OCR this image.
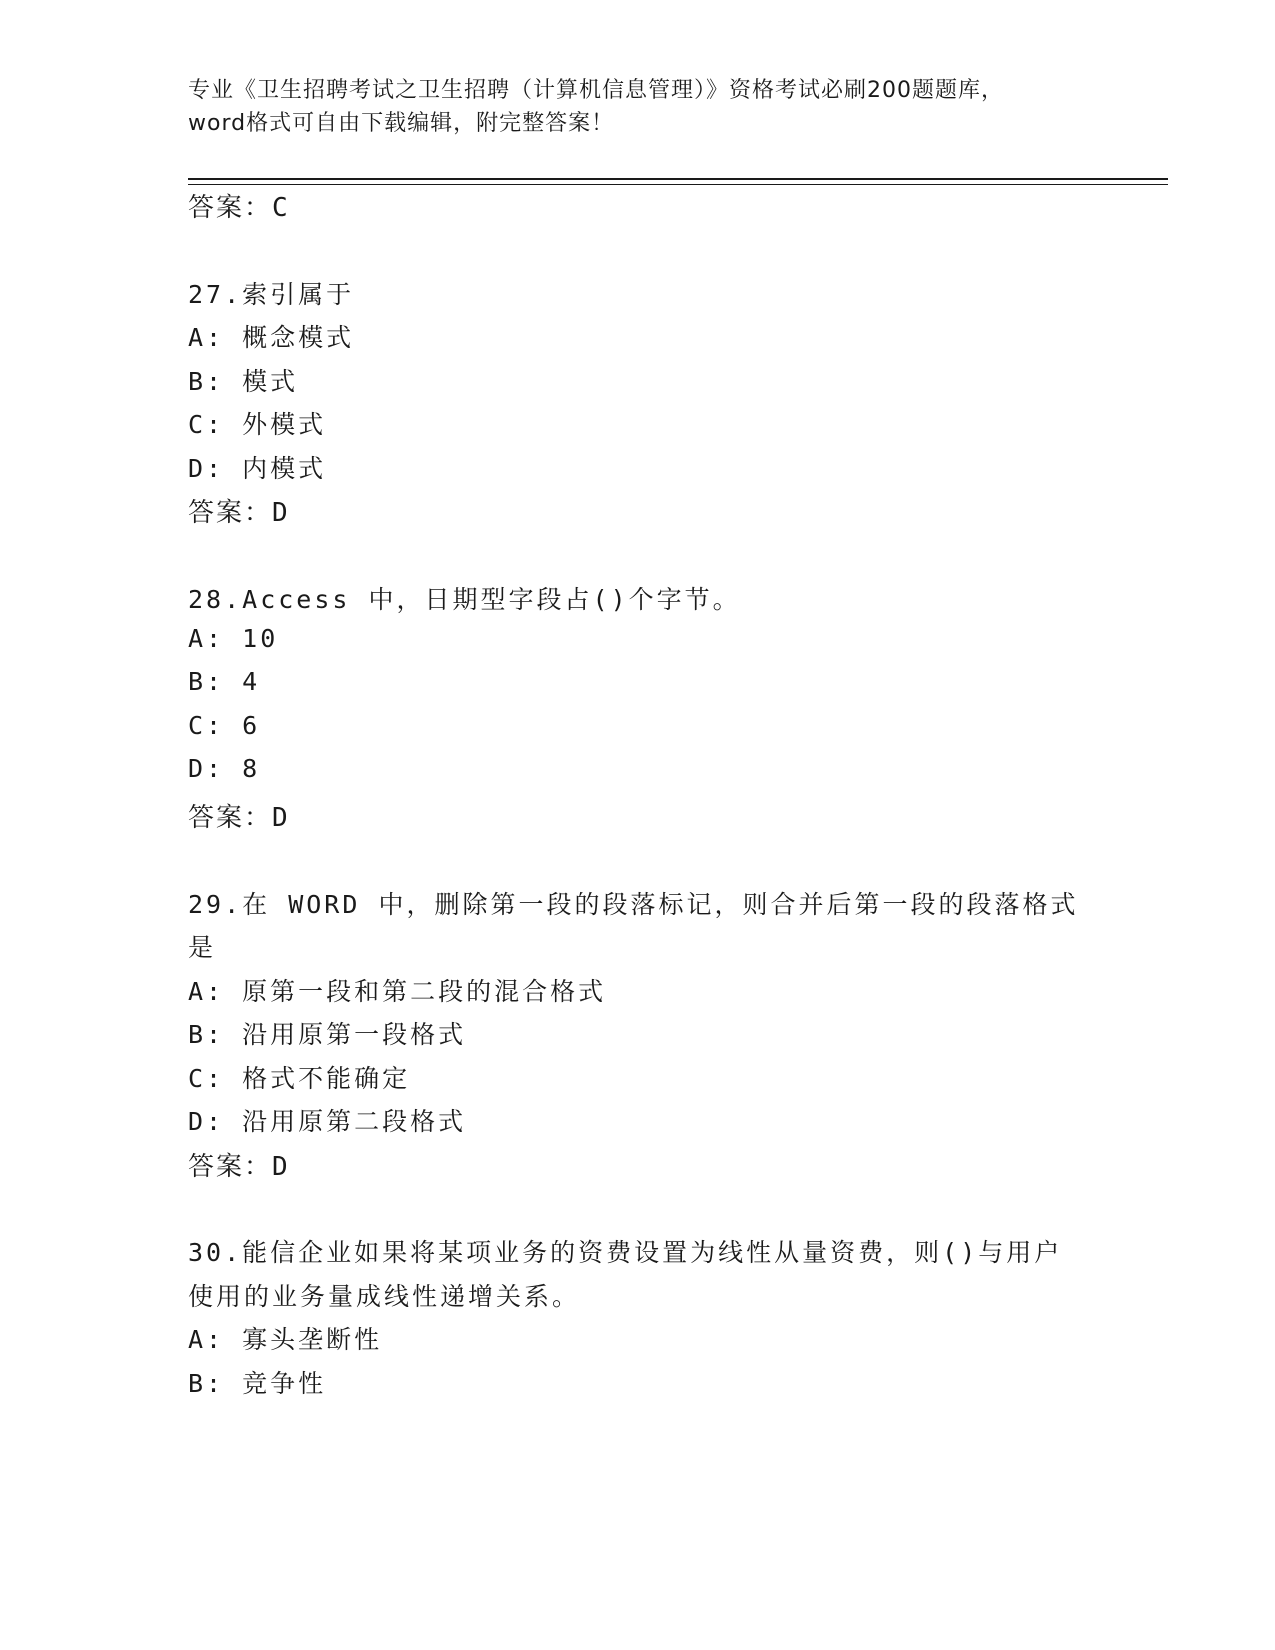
专业《卫生招聘考试之卫生招聘（计算机信息管理）》资格考试必刷200题题库，
word格式可自由下载编辑，附完整答案！
答案：C
27.索引属于
A: 概念模式
B: 模式
C: 外模式
D: 内模式
答案：D
28.Access 中，日期型字段占()个字节。
A: 10
B: 4
C: 6
D: 8
答案：D
29.在 WORD 中，删除第一段的段落标记，则合并后第一段的段落格式
是
A: 原第一段和第二段的混合格式
B: 沿用原第一段格式
C: 格式不能确定
D: 沿用原第二段格式
答案：D
30.能信企业如果将某项业务的资费设置为线性从量资费，则()与用户
使用的业务量成线性递增关系。
A: 寡头垄断性
B: 竞争性
